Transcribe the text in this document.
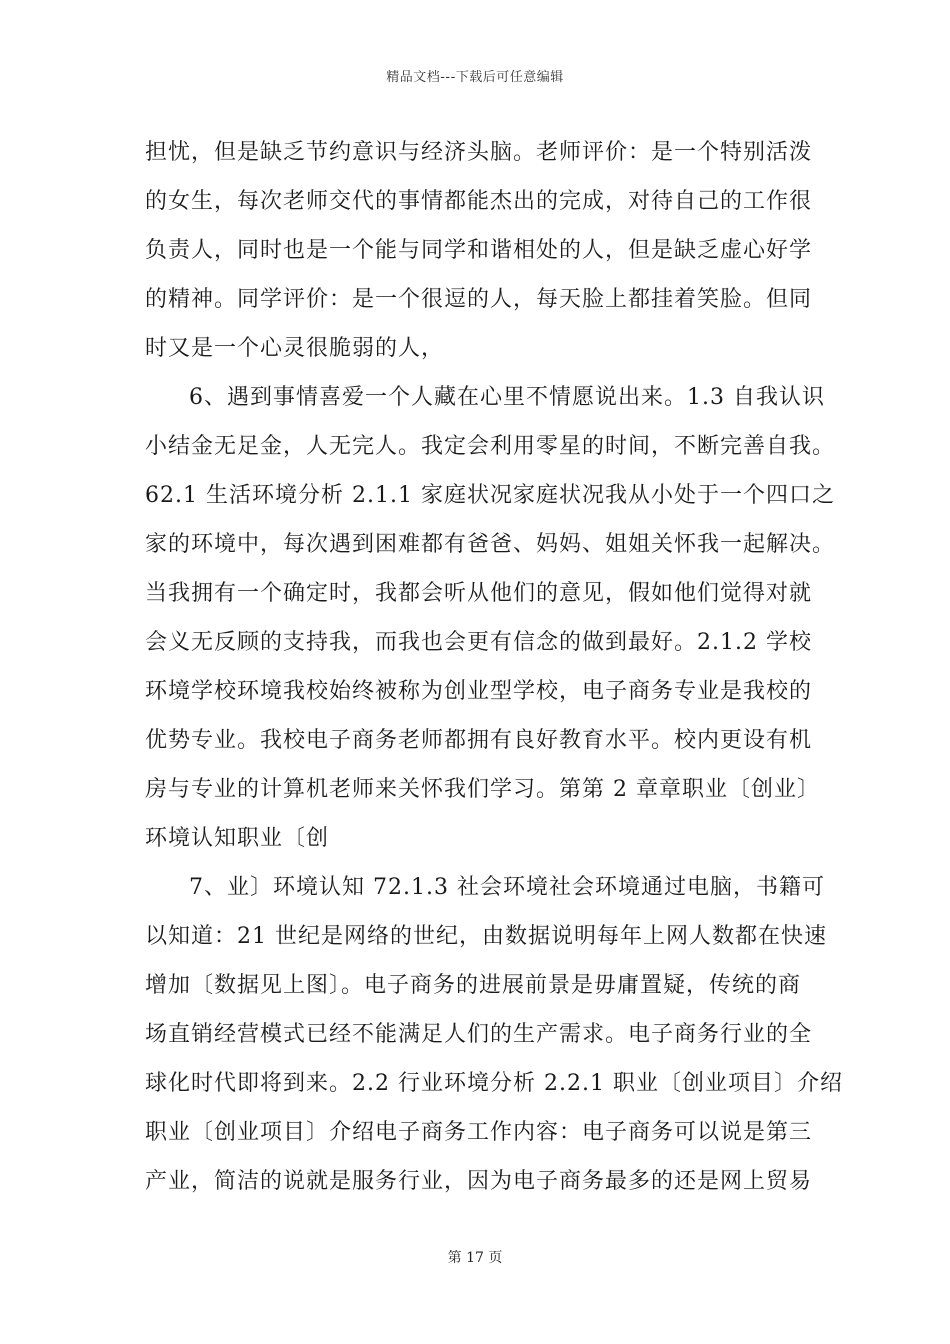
精品文档---下载后可任意编辑
担忧，但是缺乏节约意识与经济头脑。老师评价：是一个特别活泼
的女生，每次老师交代的事情都能杰出的完成，对待自己的工作很
负责人，同时也是一个能与同学和谐相处的人，但是缺乏虚心好学
的精神。同学评价：是一个很逗的人，每天脸上都挂着笑脸。但同
时又是一个心灵很脆弱的人，
6、遇到事情喜爱一个人藏在心里不情愿说出来。1.3 自我认识
小结金无足金，人无完人。我定会利用零星的时间，不断完善自我。
62.1 生活环境分析 2.1.1 家庭状况家庭状况我从小处于一个四口之
家的环境中，每次遇到困难都有爸爸、妈妈、姐姐关怀我一起解决。
当我拥有一个确定时，我都会听从他们的意见，假如他们觉得对就
会义无反顾的支持我，而我也会更有信念的做到最好。2.1.2 学校
环境学校环境我校始终被称为创业型学校，电子商务专业是我校的
优势专业。我校电子商务老师都拥有良好教育水平。校内更设有机
房与专业的计算机老师来关怀我们学习。第第 2 章章职业〔创业〕
环境认知职业〔创
7、业〕环境认知 72.1.3 社会环境社会环境通过电脑，书籍可
以知道：21 世纪是网络的世纪，由数据说明每年上网人数都在快速
增加〔数据见上图〕。电子商务的进展前景是毋庸置疑，传统的商
场直销经营模式已经不能满足人们的生产需求。电子商务行业的全
球化时代即将到来。2.2 行业环境分析 2.2.1 职业〔创业项目〕介绍
职业〔创业项目〕介绍电子商务工作内容：电子商务可以说是第三
产业，简洁的说就是服务行业，因为电子商务最多的还是网上贸易
第 17 页
